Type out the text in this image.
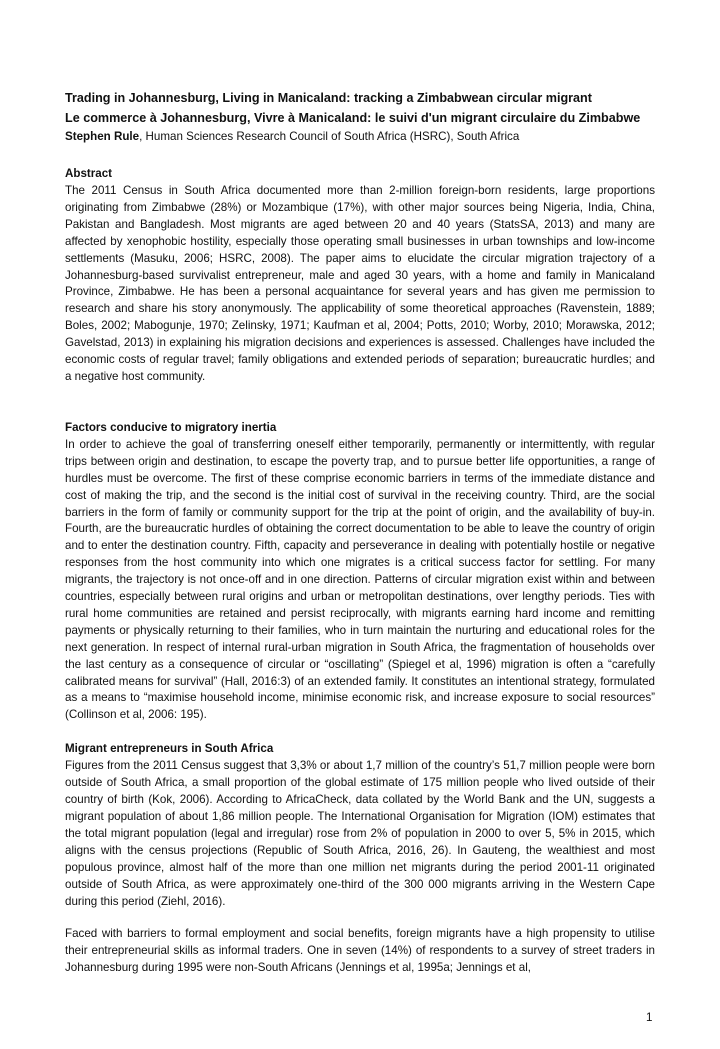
Trading in Johannesburg, Living in Manicaland: tracking a Zimbabwean circular migrant

Le commerce à Johannesburg, Vivre à Manicaland: le suivi d'un migrant circulaire du Zimbabwe

Stephen Rule, Human Sciences Research Council of South Africa (HSRC), South Africa

Abstract

The 2011 Census in South Africa documented more than 2-million foreign-born residents, large proportions originating from Zimbabwe (28%) or Mozambique (17%), with other major sources being Nigeria, India, China, Pakistan and Bangladesh. Most migrants are aged between 20 and 40 years (StatsSA, 2013) and many are affected by xenophobic hostility, especially those operating small businesses in urban townships and low-income settlements (Masuku, 2006; HSRC, 2008). The paper aims to elucidate the circular migration trajectory of a Johannesburg-based survivalist entrepreneur, male and aged 30 years, with a home and family in Manicaland Province, Zimbabwe. He has been a personal acquaintance for several years and has given me permission to research and share his story anonymously. The applicability of some theoretical approaches (Ravenstein, 1889; Boles, 2002; Mabogunje, 1970; Zelinsky, 1971; Kaufman et al, 2004; Potts, 2010; Worby, 2010; Morawska, 2012; Gavelstad, 2013) in explaining his migration decisions and experiences is assessed. Challenges have included the economic costs of regular travel; family obligations and extended periods of separation; bureaucratic hurdles; and a negative host community.

Factors conducive to migratory inertia

In order to achieve the goal of transferring oneself either temporarily, permanently or intermittently, with regular trips between origin and destination, to escape the poverty trap, and to pursue better life opportunities, a range of hurdles must be overcome. The first of these comprise economic barriers in terms of the immediate distance and cost of making the trip, and the second is the initial cost of survival in the receiving country. Third, are the social barriers in the form of family or community support for the trip at the point of origin, and the availability of buy-in. Fourth, are the bureaucratic hurdles of obtaining the correct documentation to be able to leave the country of origin and to enter the destination country. Fifth, capacity and perseverance in dealing with potentially hostile or negative responses from the host community into which one migrates is a critical success factor for settling. For many migrants, the trajectory is not once-off and in one direction. Patterns of circular migration exist within and between countries, especially between rural origins and urban or metropolitan destinations, over lengthy periods. Ties with rural home communities are retained and persist reciprocally, with migrants earning hard income and remitting payments or physically returning to their families, who in turn maintain the nurturing and educational roles for the next generation. In respect of internal rural-urban migration in South Africa, the fragmentation of households over the last century as a consequence of circular or “oscillating” (Spiegel et al, 1996) migration is often a “carefully calibrated means for survival” (Hall, 2016:3) of an extended family. It constitutes an intentional strategy, formulated as a means to “maximise household income, minimise economic risk, and increase exposure to social resources” (Collinson et al, 2006: 195).

Migrant entrepreneurs in South Africa

Figures from the 2011 Census suggest that 3,3% or about 1,7 million of the country’s 51,7 million people were born outside of South Africa, a small proportion of the global estimate of 175 million people who lived outside of their country of birth (Kok, 2006). According to AfricaCheck, data collated by the World Bank and the UN, suggests a migrant population of about 1,86 million people. The International Organisation for Migration (IOM) estimates that the total migrant population (legal and irregular) rose from 2% of population in 2000 to over 5, 5% in 2015, which aligns with the census projections (Republic of South Africa, 2016, 26). In Gauteng, the wealthiest and most populous province, almost half of the more than one million net migrants during the period 2001-11 originated outside of South Africa, as were approximately one-third of the 300 000 migrants arriving in the Western Cape during this period (Ziehl, 2016).

Faced with barriers to formal employment and social benefits, foreign migrants have a high propensity to utilise their entrepreneurial skills as informal traders. One in seven (14%) of respondents to a survey of street traders in Johannesburg during 1995 were non-South Africans (Jennings et al, 1995a; Jennings et al,

1
